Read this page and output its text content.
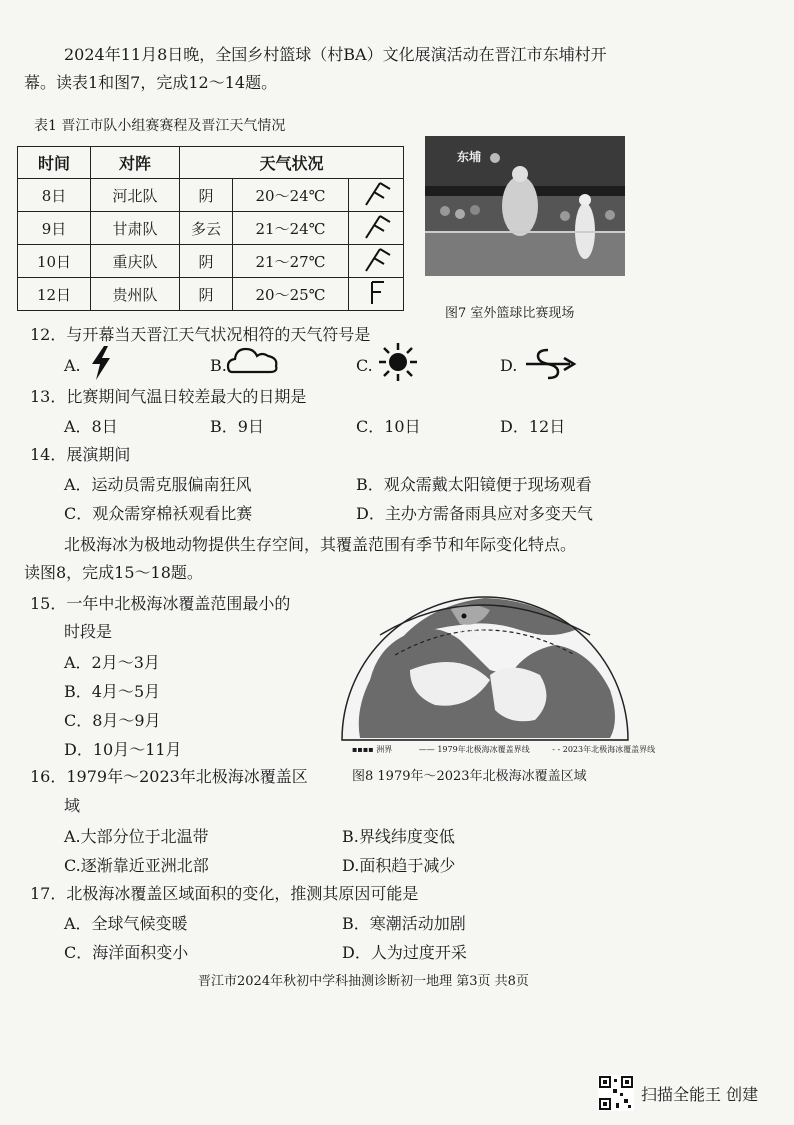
2024年11月8日晚，全国乡村篮球（村BA）文化展演活动在晋江市东埔村开
幕。读表1和图7，完成12～14题。
表1 晋江市队小组赛赛程及晋江天气情况
时间	对阵	天气状况		
8日	河北队	阴	20～24℃	
9日	甘肃队	多云	21～24℃	
10日	重庆队	阴	21～27℃	
12日	贵州队	阴	20～25℃	
东埔
图7 室外篮球比赛现场
12．与开幕当天晋江天气状况相符的天气符号是
A.	B.	C.	D.
13．比赛期间气温日较差最大的日期是
A．8日	B．9日	C．10日	D．12日
14．展演期间
A．运动员需克服偏南狂风	B．观众需戴太阳镜便于现场观看
C．观众需穿棉袄观看比赛	D．主办方需备雨具应对多变天气
北极海冰为极地动物提供生存空间，其覆盖范围有季节和年际变化特点。
读图8，完成15～18题。
15．一年中北极海冰覆盖范围最小的
时段是
A．2月～3月
B．4月～5月
C．8月～9月
D．10月～11月
北极点
▪▪▪▪ 洲界	—— 1979年北极海冰覆盖界线	- - 2023年北极海冰覆盖界线
图8 1979年～2023年北极海冰覆盖区域
16．1979年～2023年北极海冰覆盖区
域
A.大部分位于北温带	B.界线纬度变低
C.逐渐靠近亚洲北部	D.面积趋于减少
17．北极海冰覆盖区域面积的变化，推测其原因可能是
A．全球气候变暖	B．寒潮活动加剧
C．海洋面积变小	D．人为过度开采
晋江市2024年秋初中学科抽测诊断初一地理 第3页 共8页
扫描全能王 创建
